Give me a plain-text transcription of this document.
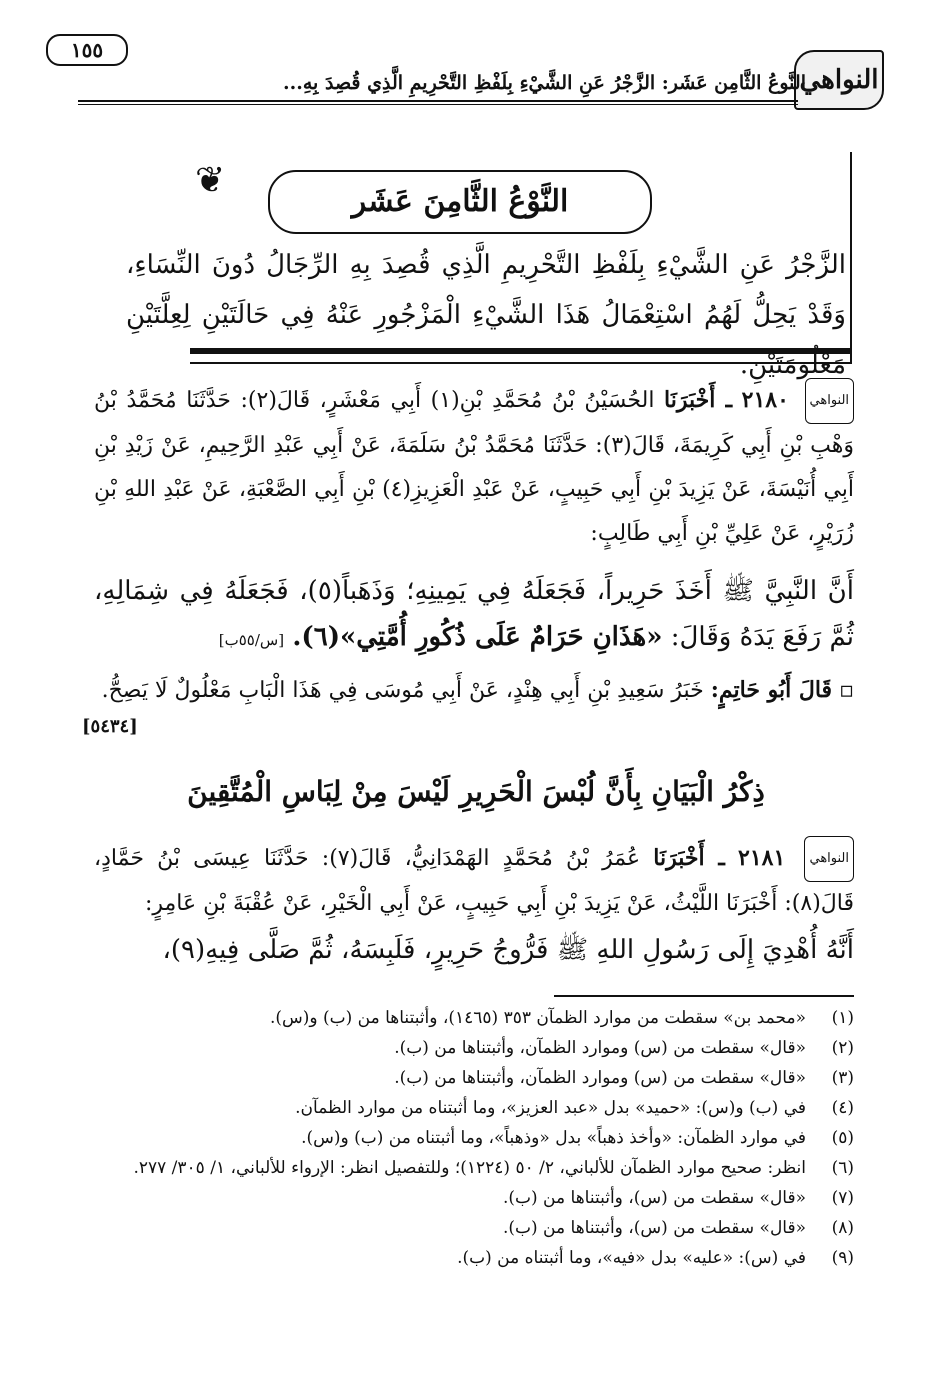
النواهي
النَّوعُ الثَّامِن عَشَر: الزَّجْرُ عَنِ الشَّيْءِ بِلَفْظِ التَّحْرِيمِ الَّذِي قُصِدَ بِهِ...
١٥٥
❦
النَّوْعُ الثَّامِنَ عَشَر
الزَّجْرُ عَنِ الشَّيْءِ بِلَفْظِ التَّحْرِيمِ الَّذِي قُصِدَ بِهِ الرِّجَالُ دُونَ النِّسَاءِ، وَقَدْ يَحِلُّ لَهُمُ اسْتِعْمَالُ هَذَا الشَّيْءِ الْمَزْجُورِ عَنْهُ فِي حَالَتَيْنِ لِعِلَّتَيْنِ مَعْلُومَتَيْنِ.
النواهي ٢١٨٠ ـ أَخْبَرَنَا الحُسَيْنُ بْنُ مُحَمَّدِ بْنِ(١) أَبِي مَعْشَرٍ، قَالَ(٢): حَدَّثَنَا مُحَمَّدُ بْنُ وَهْبِ بْنِ أَبِي كَرِيمَةَ، قَالَ(٣): حَدَّثَنَا مُحَمَّدُ بْنُ سَلَمَةَ، عَنْ أَبِي عَبْدِ الرَّحِيمِ، عَنْ زَيْدِ بْنِ أَبِي أُنَيْسَةَ، عَنْ يَزِيدَ بْنِ أَبِي حَبِيبٍ، عَنْ عَبْدِ الْعَزِيزِ(٤) بْنِ أَبِي الصَّعْبَةِ، عَنْ عَبْدِ اللهِ بْنِ زُرَيْرٍ، عَنْ عَلِيِّ بْنِ أَبِي طَالِبٍ:
أَنَّ النَّبِيَّ ﷺ أَخَذَ حَرِيراً، فَجَعَلَهُ فِي يَمِينِهِ؛ وَذَهَباً(٥)، فَجَعَلَهُ فِي شِمَالِهِ، ثُمَّ رَفَعَ يَدَهُ وَقَالَ: «هَذَانِ حَرَامٌ عَلَى ذُكُورِ أُمَّتِي»(٦). [س/٥٥ب]
▫ قَالَ أَبُو حَاتِمٍ: خَبَرُ سَعِيدِ بْنِ أَبِي هِنْدٍ، عَنْ أَبِي مُوسَى فِي هَذَا الْبَابِ مَعْلُولٌ لَا يَصِحُّ.
[٥٤٣٤]
ذِكْرُ الْبَيَانِ بِأَنَّ لُبْسَ الْحَرِيرِ لَيْسَ مِنْ لِبَاسِ الْمُتَّقِينَ
النواهي ٢١٨١ ـ أَخْبَرَنَا عُمَرُ بْنُ مُحَمَّدٍ الهَمْدَانِيُّ، قَالَ(٧): حَدَّثَنَا عِيسَى بْنُ حَمَّادٍ، قَالَ(٨): أَخْبَرَنَا اللَّيْثُ، عَنْ يَزِيدَ بْنِ أَبِي حَبِيبٍ، عَنْ أَبِي الْخَيْرِ، عَنْ عُقْبَةَ بْنِ عَامِرٍ:
أَنَّهُ أُهْدِيَ إِلَى رَسُولِ اللهِ ﷺ فَرُّوجُ حَرِيرٍ، فَلَبِسَهُ، ثُمَّ صَلَّى فِيهِ(٩)،
(١)
«محمد بن» سقطت من موارد الظمآن ٣٥٣ (١٤٦٥)، وأثبتناها من (ب) و(س).
(٢)
«قال» سقطت من (س) وموارد الظمآن، وأثبتناها من (ب).
(٣)
«قال» سقطت من (س) وموارد الظمآن، وأثبتناها من (ب).
(٤)
في (ب) و(س): «حميد» بدل «عبد العزيز»، وما أثبتناه من موارد الظمآن.
(٥)
في موارد الظمآن: «وأخذ ذهباً» بدل «وذهباً»، وما أثبتناه من (ب) و(س).
(٦)
انظر: صحيح موارد الظمآن للألباني، ٢/ ٥٠ (١٢٢٤)؛ وللتفصيل انظر: الإرواء للألباني، ١/ ٣٠٥/ ٢٧٧.
(٧)
«قال» سقطت من (س)، وأثبتناها من (ب).
(٨)
«قال» سقطت من (س)، وأثبتناها من (ب).
(٩)
في (س): «عليه» بدل «فيه»، وما أثبتناه من (ب).
